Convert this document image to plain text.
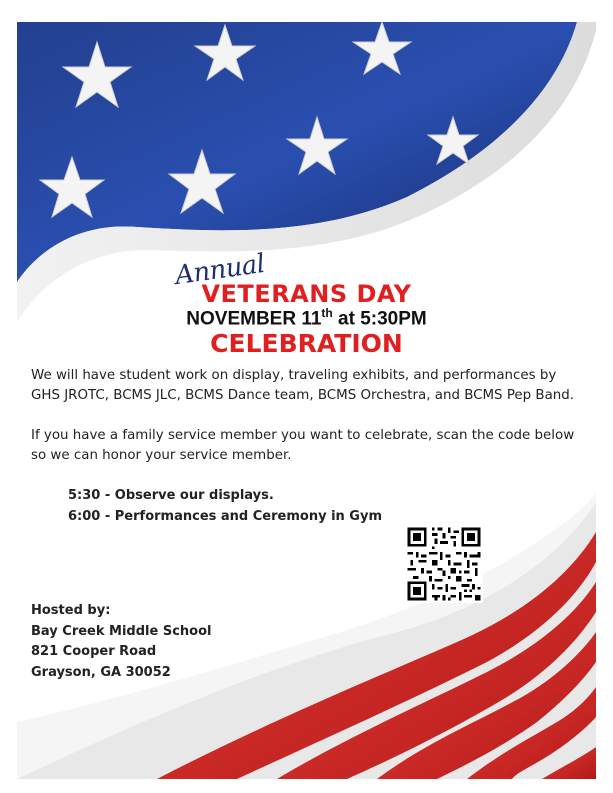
Annual
VETERANS DAY
NOVEMBER 11th at 5:30PM
CELEBRATION
We will have student work on display, traveling exhibits, and performances by GHS JROTC, BCMS JLC, BCMS Dance team, BCMS Orchestra, and BCMS Pep Band.
If you have a family service member you want to celebrate, scan the code below so we can honor your service member.
5:30 - Observe our displays.
6:00 - Performances and Ceremony in Gym
Hosted by:
Bay Creek Middle School
821 Cooper Road
Grayson, GA 30052
